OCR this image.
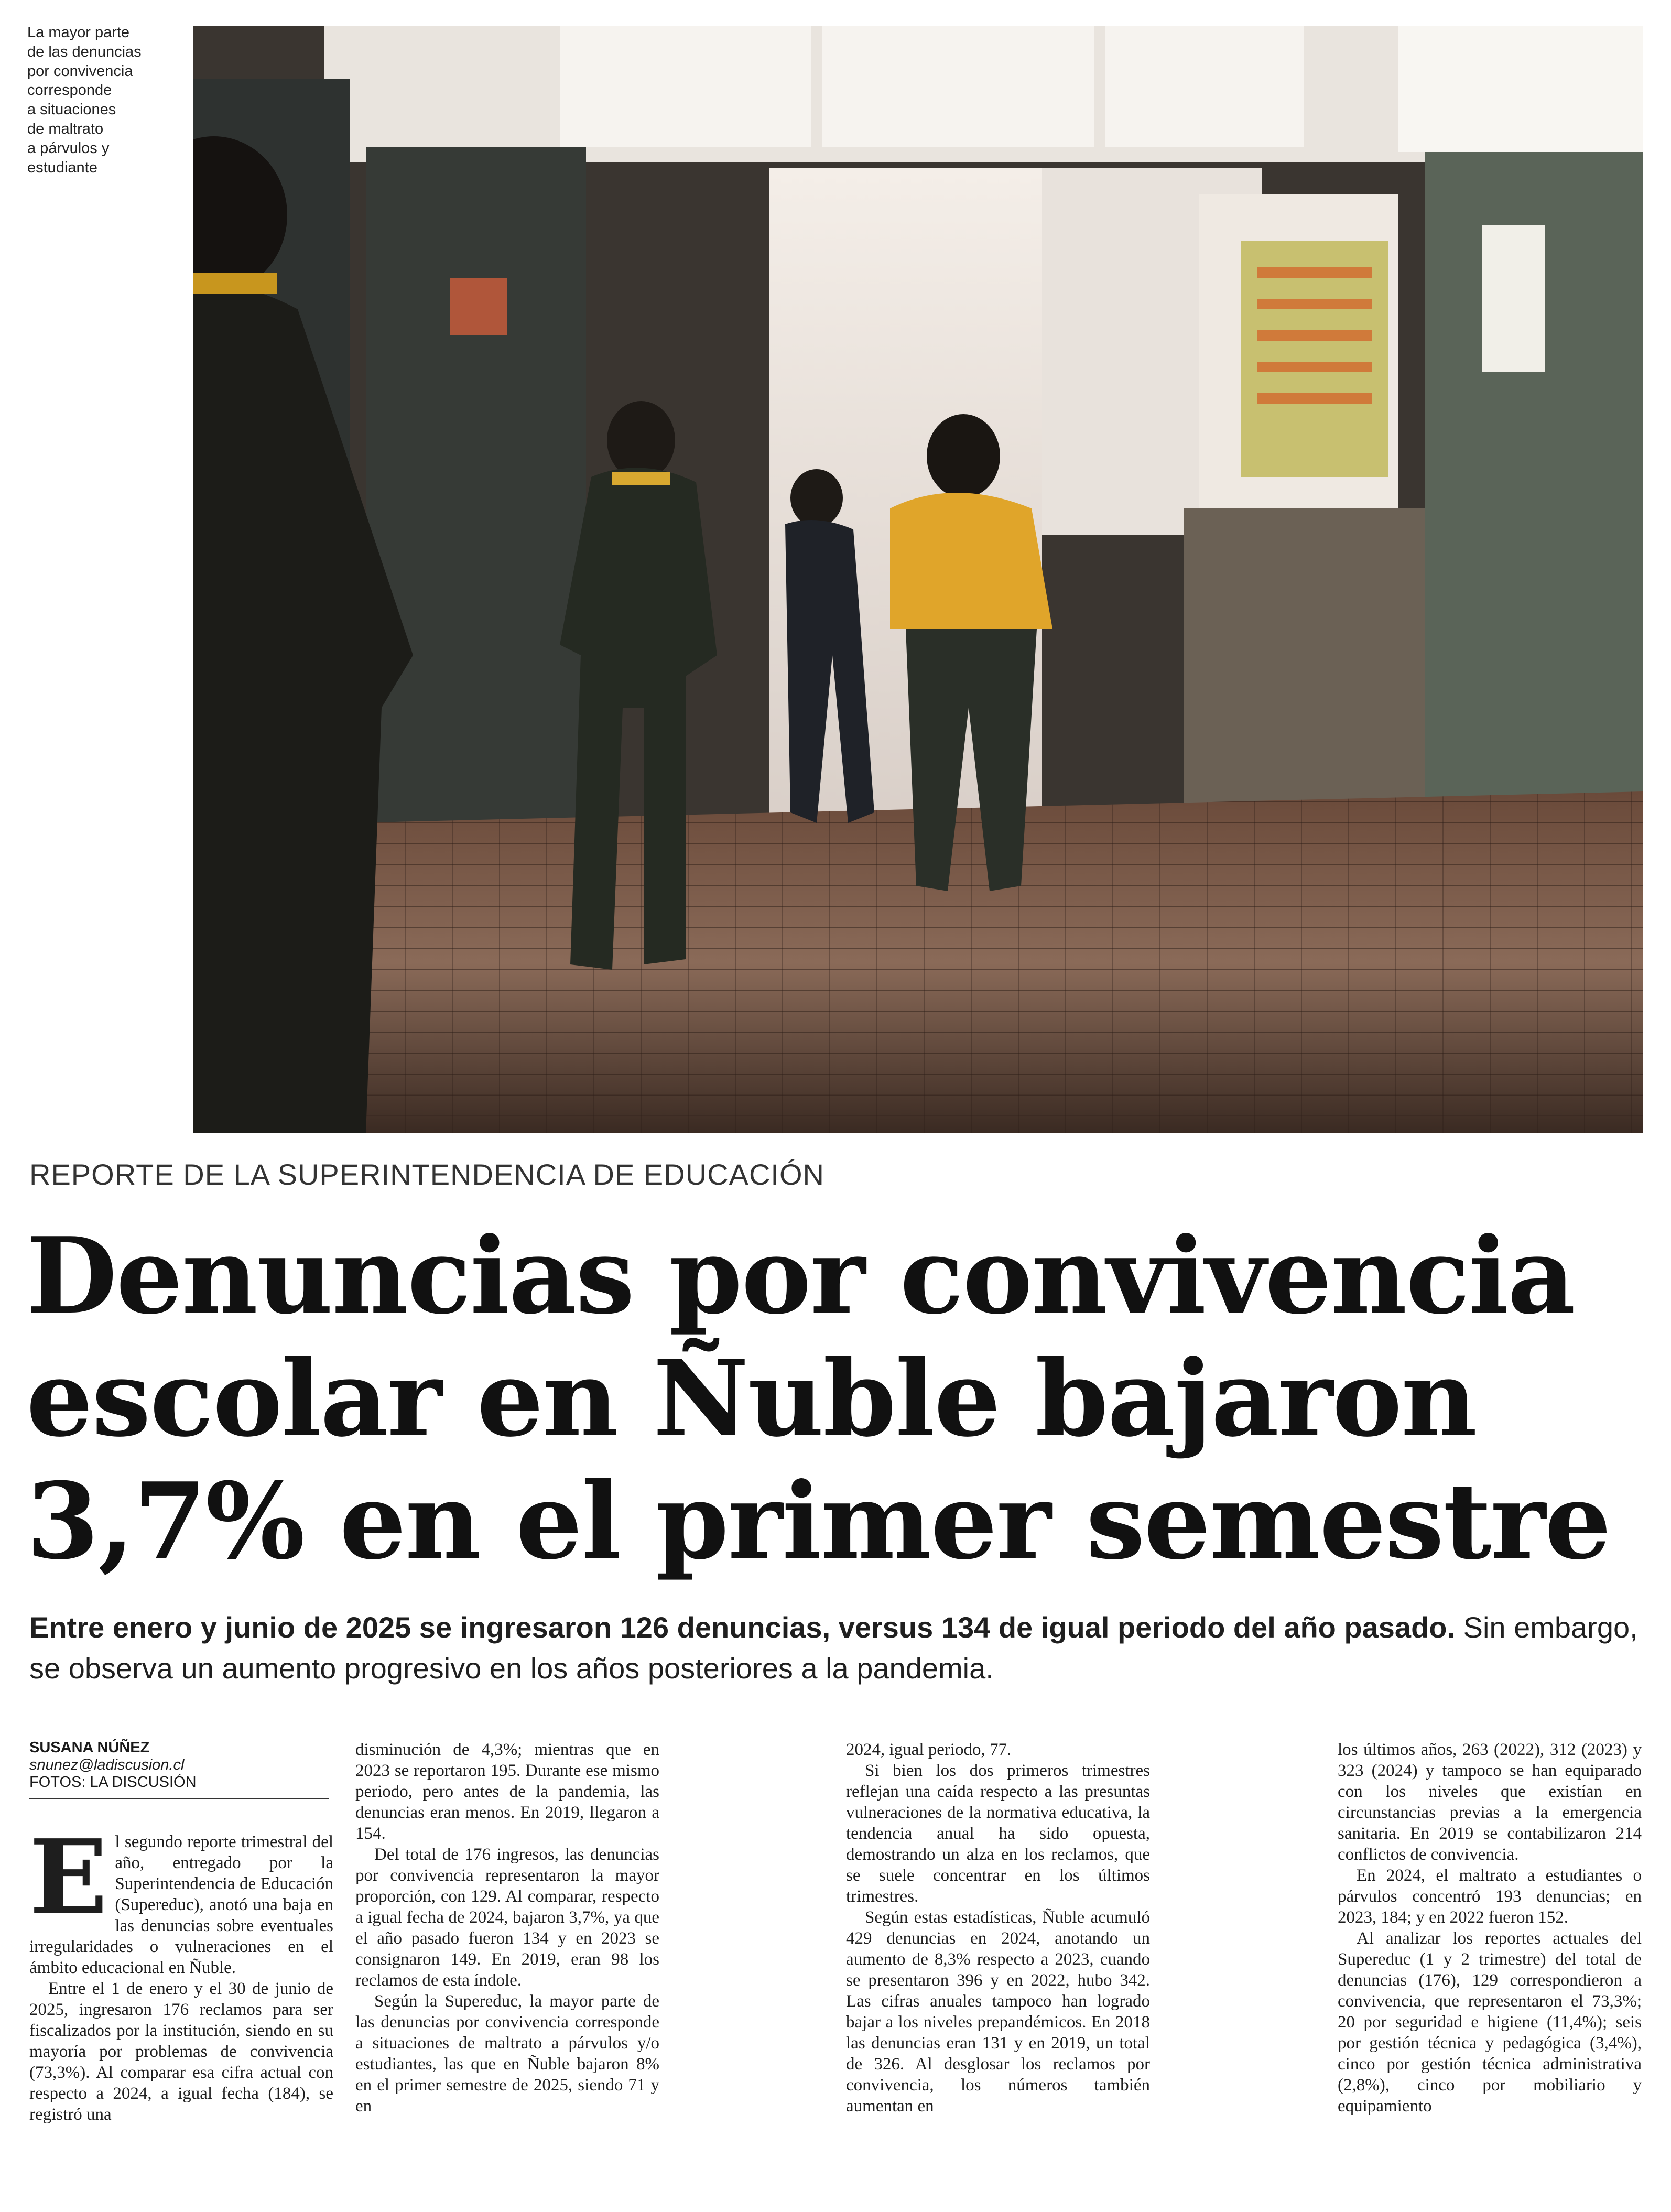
La mayor parte
de las denuncias
por convivencia
corresponde
a situaciones
de maltrato
a párvulos y
estudiante
REPORTE DE LA SUPERINTENDENCIA DE EDUCACIÓN
Denuncias por convivencia
escolar en Ñuble bajaron
3,7% en el primer semestre

Entre enero y junio de 2025 se ingresaron 126 denuncias, versus 134 de igual periodo del año pasado. Sin embargo, se observa un aumento progresivo en los años posteriores a la pandemia.

SUSANA NÚÑEZ
snunez@ladiscusion.cl
FOTOS: LA DISCUSIÓN

El segundo reporte trimestral del año, entregado por la Superintendencia de Educación (Supereduc), anotó una baja en las denuncias sobre eventuales irregularidades o vulneraciones en el ámbito educacional en Ñuble.

Entre el 1 de enero y el 30 de junio de 2025, ingresaron 176 reclamos para ser fiscalizados por la institución, siendo en su mayoría por problemas de convivencia (73,3%). Al comparar esa cifra actual con respecto a 2024, a igual fecha (184), se registró una

disminución de 4,3%; mientras que en 2023 se reportaron 195. Durante ese mismo periodo, pero antes de la pandemia, las denuncias eran menos. En 2019, llegaron a 154.

Del total de 176 ingresos, las denuncias por convivencia representaron la mayor proporción, con 129. Al comparar, respecto a igual fecha de 2024, bajaron 3,7%, ya que el año pasado fueron 134 y en 2023 se consignaron 149. En 2019, eran 98 los reclamos de esta índole.

Según la Supereduc, la mayor parte de las denuncias por convivencia corresponde a situaciones de maltrato a párvulos y/o estudiantes, las que en Ñuble bajaron 8% en el primer semestre de 2025, siendo 71 y en

2024, igual periodo, 77.

Si bien los dos primeros trimestres reflejan una caída respecto a las presuntas vulneraciones de la normativa educativa, la tendencia anual ha sido opuesta, demostrando un alza en los reclamos, que se suele concentrar en los últimos trimestres.

Según estas estadísticas, Ñuble acumuló 429 denuncias en 2024, anotando un aumento de 8,3% respecto a 2023, cuando se presentaron 396 y en 2022, hubo 342. Las cifras anuales tampoco han logrado bajar a los niveles prepandémicos. En 2018 las denuncias eran 131 y en 2019, un total de 326. Al desglosar los reclamos por convivencia, los números también aumentan en

los últimos años, 263 (2022), 312 (2023) y 323 (2024) y tampoco se han equiparado con los niveles que existían en circunstancias previas a la emergencia sanitaria. En 2019 se contabilizaron 214 conflictos de convivencia.

En 2024, el maltrato a estudiantes o párvulos concentró 193 denuncias; en 2023, 184; y en 2022 fueron 152.

Al analizar los reportes actuales del Supereduc (1 y 2 trimestre) del total de denuncias (176), 129 correspondieron a convivencia, que representaron el 73,3%; 20 por seguridad e higiene (11,4%); seis por gestión técnica y pedagógica (3,4%), cinco por gestión técnica administrativa (2,8%), cinco por mobiliario y equipamiento
